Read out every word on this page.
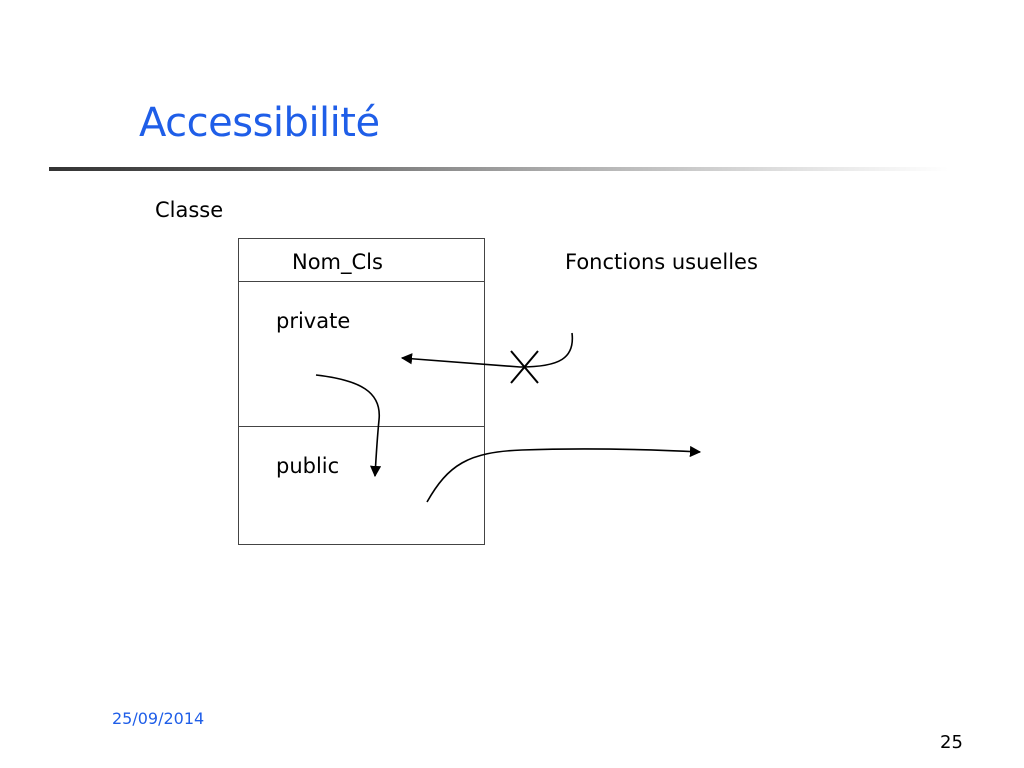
Accessibilité
Classe
Nom_Cls
private
public
Fonctions usuelles
25/09/2014
25
